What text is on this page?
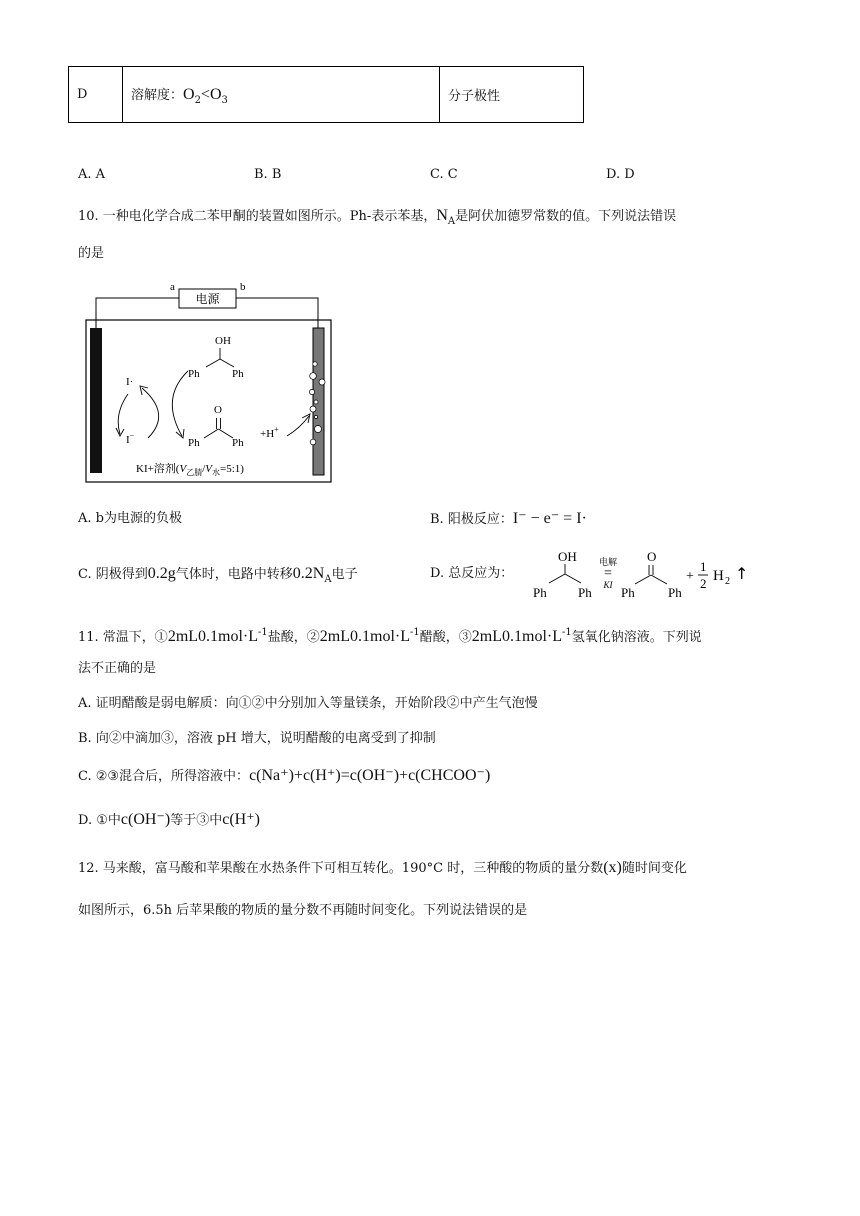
D	溶解度：$O_2<O_3$	分子极性
A. A	B. B	C. C	D. D
10. 一种电化学合成二苯甲酮的装置如图所示。Ph-表示苯基，$N_A$是阿伏加德罗常数的值。下列说法错误
的是
电源
a	b
OH
Ph	Ph
O
Ph	Ph
I·
I−	+H+
KI+溶剂$(V_{乙腈}/V_水=5:1)$
A. b为电源的负极	B. 阳极反应：I⁻ − e⁻ = I·
C. 阴极得到0.2g气体时，电路中转移$0.2N_A$电子	D. 总反应为：
OH
Ph Ph
电解
=
KI
O
Ph	Ph
+
1
2 H 2 ↑
11. 常温下，$①2mL0.1mol\cdot L^{-1}$盐酸，$②2mL0.1mol\cdot L^{-1}$醋酸，$③2mL0.1mol\cdot L^{-1}$氢氧化钠溶液。下列说
法不正确的是
A. 证明醋酸是弱电解质：向①②中分别加入等量镁条，开始阶段②中产生气泡慢
B. 向②中滴加③，溶液 pH 增大，说明醋酸的电离受到了抑制
C. ②③混合后，所得溶液中：c(Na⁺)+c(H⁺)=c(OH⁻)+c(CHCOO⁻)
D. ①中c(OH⁻)等于③中c(H⁺)
12. 马来酸，富马酸和苹果酸在水热条件下可相互转化。190°C 时，三种酸的物质的量分数(x)随时间变化
如图所示，6.5h 后苹果酸的物质的量分数不再随时间变化。下列说法错误的是
